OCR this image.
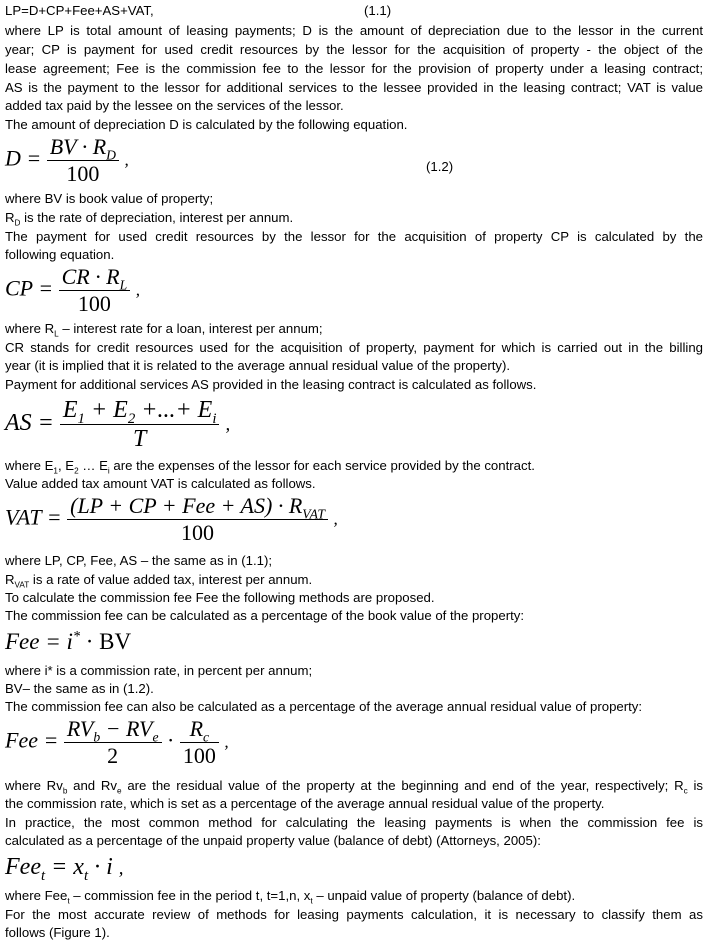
LP=D+CP+Fee+AS+VAT,	(1.1)
where LP is total amount of leasing payments; D is the amount of depreciation due to the lessor in the current
year; CP is payment for used credit resources by the lessor for the acquisition of property - the object of the
lease agreement; Fee is the commission fee to the lessor for the provision of property under a leasing contract;
AS is the payment to the lessor for additional services to the lessee provided in the leasing contract; VAT is value
added tax paid by the lessee on the services of the lessor.
The amount of depreciation D is calculated by the following equation.
$D = \frac{BV \cdot R_D}{100}$ ,	(1.2)
where BV is book value of property;
$R_D$ is the rate of depreciation, interest per annum.
The payment for used credit resources by the lessor for the acquisition of property CP is calculated by the
following equation.
CP = $\frac{CR \cdot R_L}{100}$ ,
where $R_L$ – interest rate for a loan, interest per annum;
CR stands for credit resources used for the acquisition of property, payment for which is carried out in the billing
year (it is implied that it is related to the average annual residual value of the property).
Payment for additional services AS provided in the leasing contract is calculated as follows.
AS = $\frac{E_1 + E_2 +...+ E_i}{T}$ ,
where $E_1$, $E_2$ … $E_i$ are the expenses of the lessor for each service provided by the contract.
Value added tax amount VAT is calculated as follows.
VAT = $\frac{(LP + CP + Fee + AS) \cdot R_{VAT}}{100}$ ,
where LP, CP, Fee, AS – the same as in (1.1);
$R_{VAT}$ is a rate of value added tax, interest per annum.
To calculate the commission fee Fee the following methods are proposed.
The commission fee can be calculated as a percentage of the book value of the property:
Fee = i* · BV
where i* is a commission rate, in percent per annum;
BV– the same as in (1.2).
The commission fee can also be calculated as a percentage of the average annual residual value of property:
Fee = $\frac{RV_b - RV_e}{2} \cdot \frac{R_c}{100}$ ,
where $Rv_b$ and $Rv_e$ are the residual value of the property at the beginning and end of the year, respectively; $R_c$ is
the commission rate, which is set as a percentage of the average annual residual value of the property.
In practice, the most common method for calculating the leasing payments is when the commission fee is
calculated as a percentage of the unpaid property value (balance of debt) (Attorneys, 2005):
$Fee_t = x_t \cdot i$ ,
where Fee$_t$ – commission fee in the period t, t=1,n, $x_t$ – unpaid value of property (balance of debt).
For the most accurate review of methods for leasing payments calculation, it is necessary to classify them as
follows (Figure 1).
